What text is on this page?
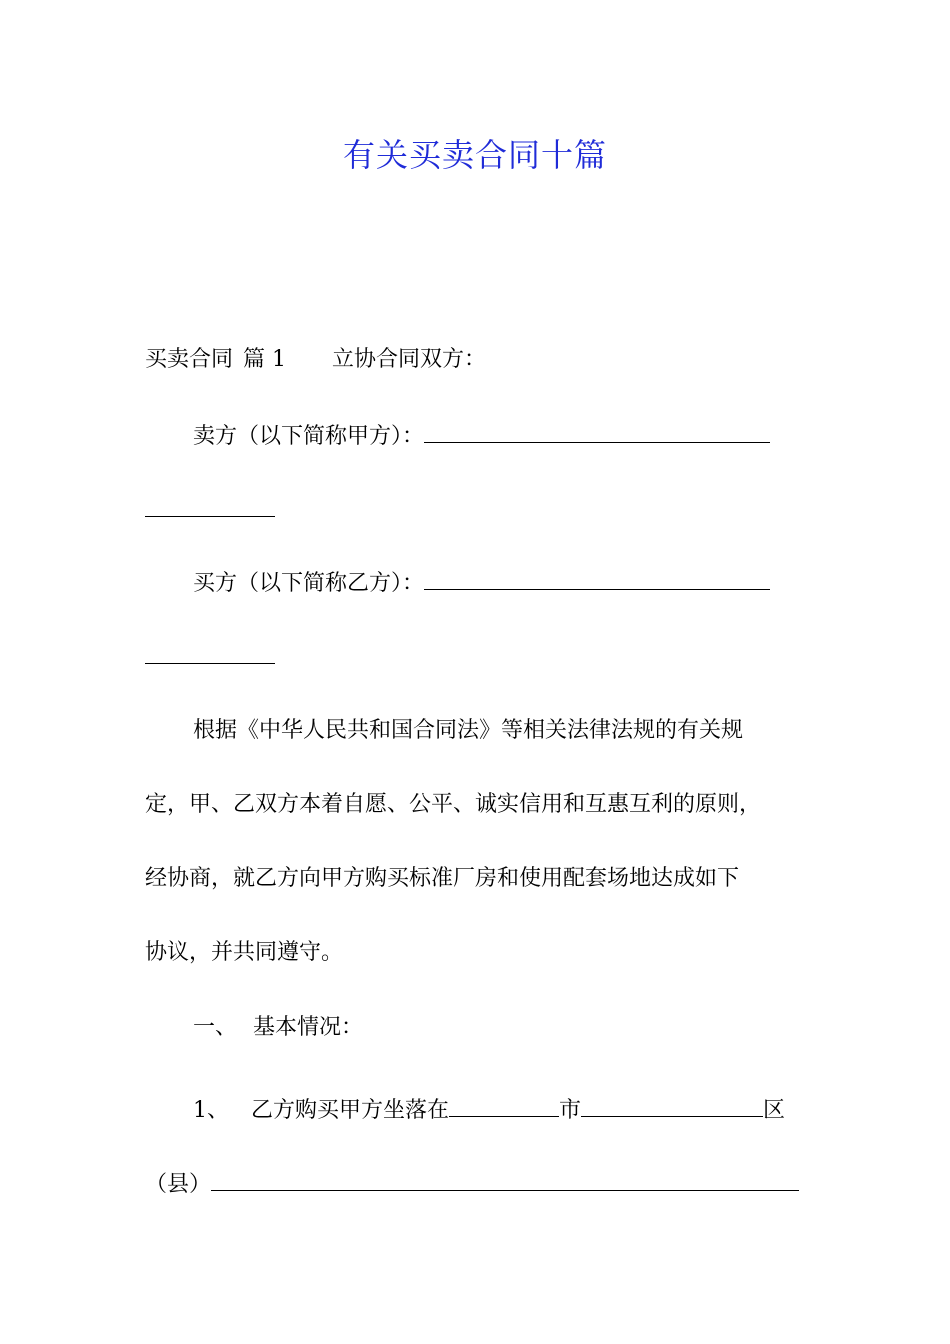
有关买卖合同十篇
买卖合同 篇 1 立协合同双方：
卖方（以下简称甲方）：
买方（以下简称乙方）：
根据《中华人民共和国合同法》等相关法律法规的有关规
定，甲、乙双方本着自愿、公平、诚实信用和互惠互利的原则，
经协商，就乙方向甲方购买标准厂房和使用配套场地达成如下
协议，并共同遵守。
一、 基本情况：
1、 乙方购买甲方坐落在	市	区
（县）
